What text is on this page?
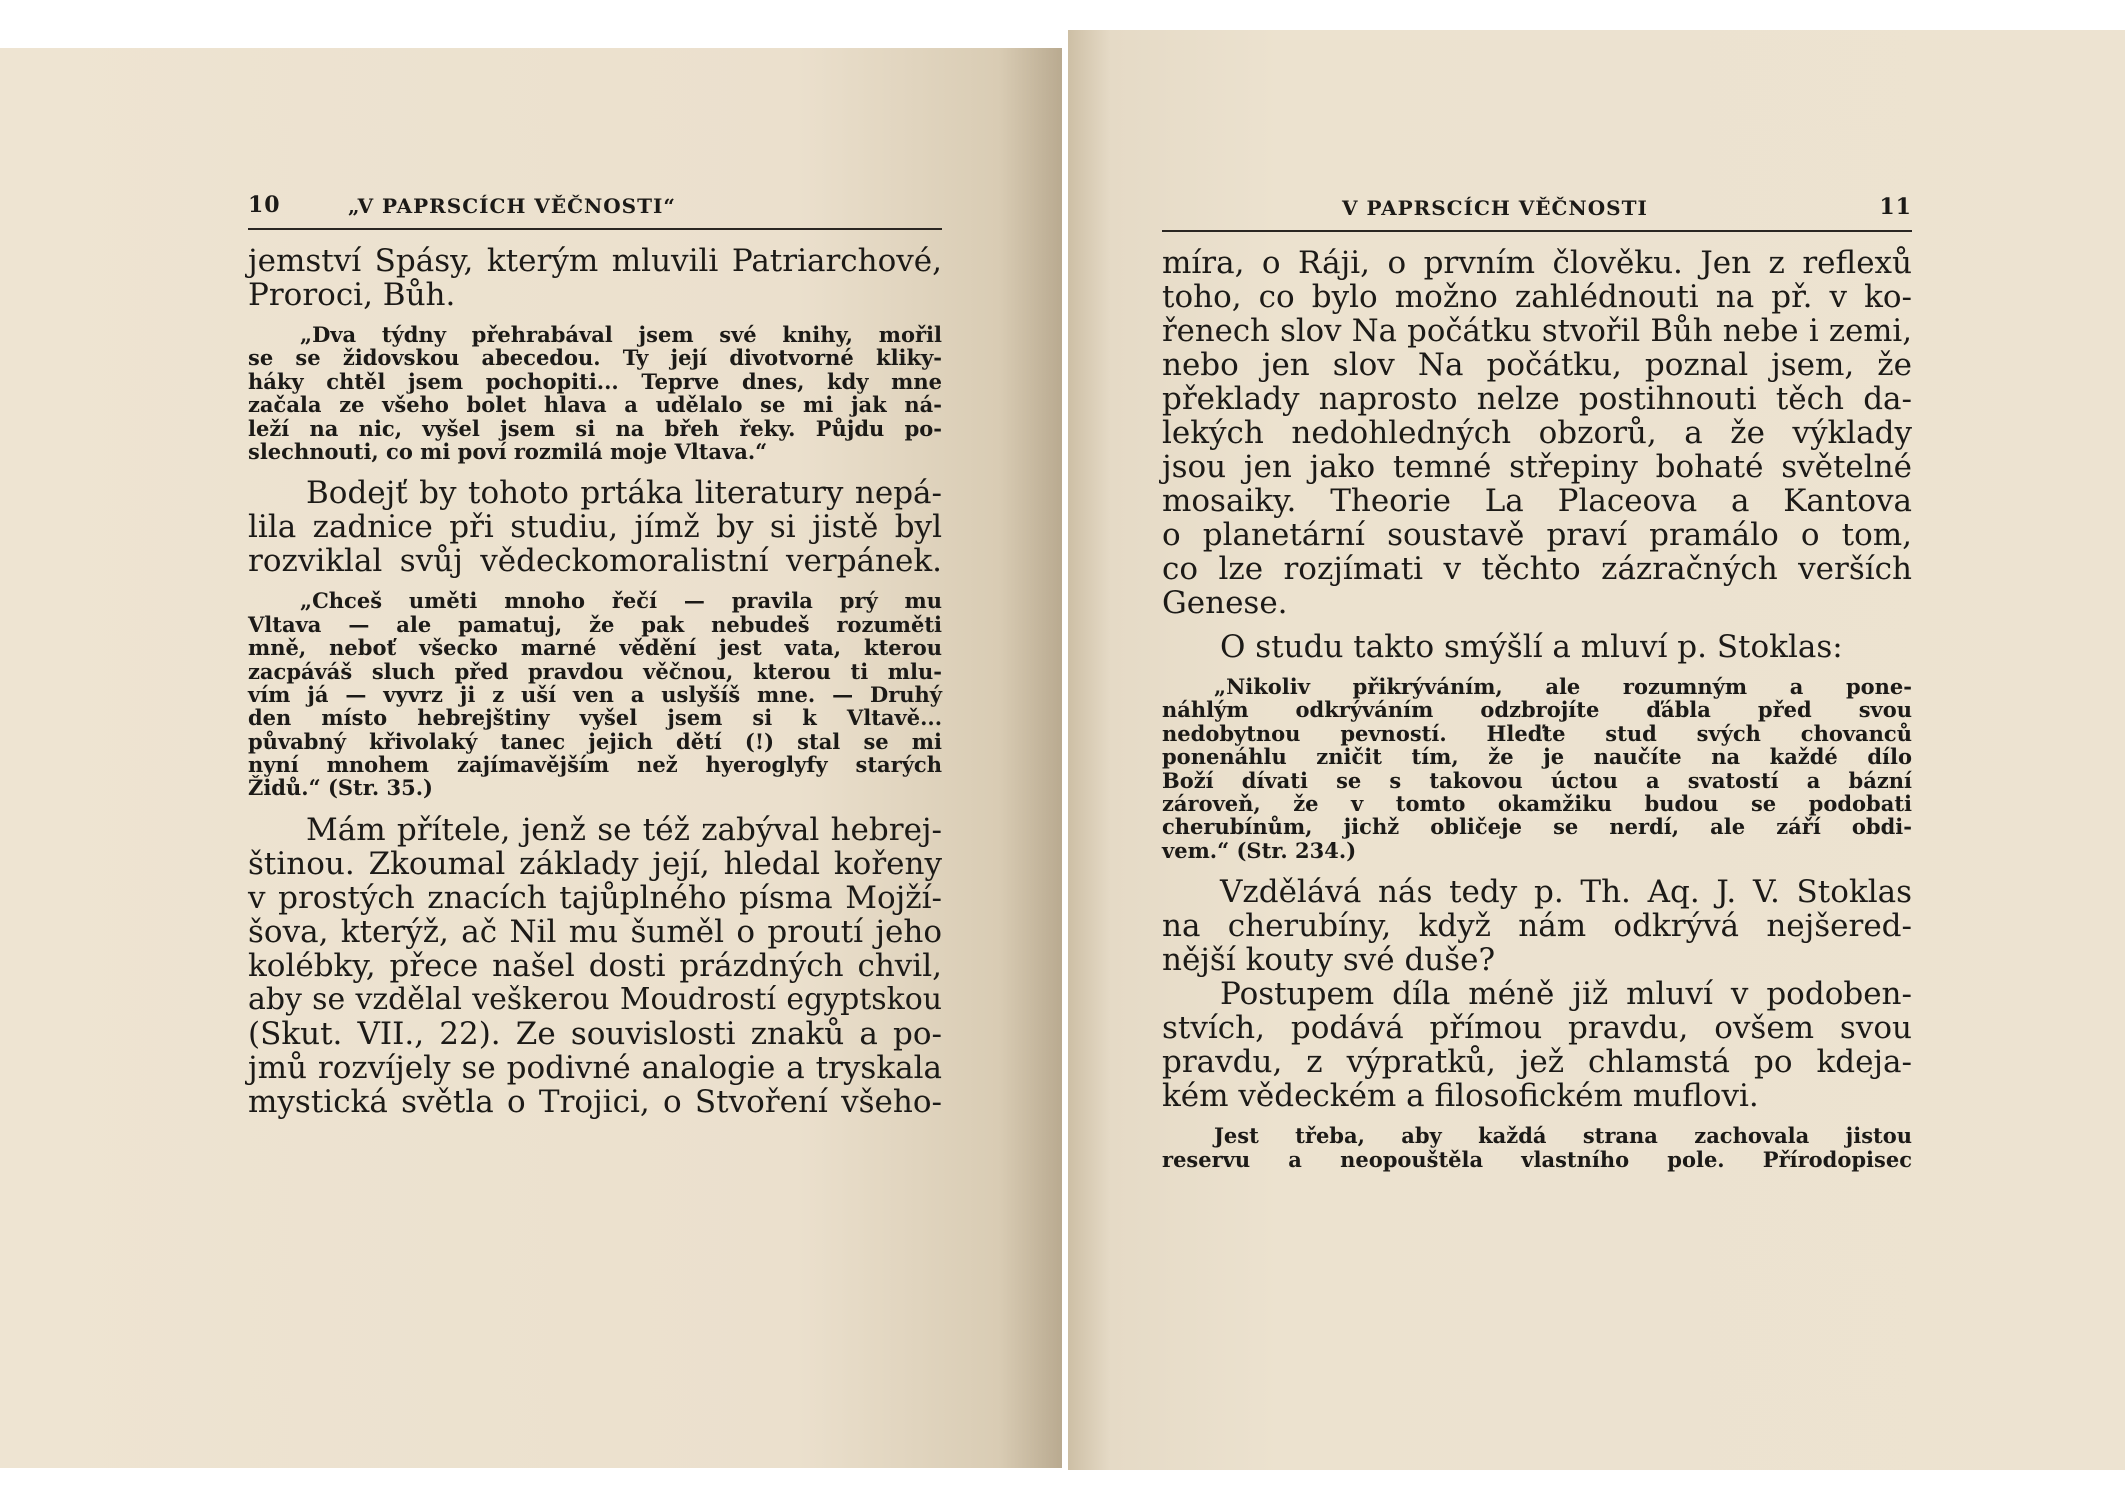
10	„V PAPRSCÍCH VĚČNOSTI“
jemství Spásy, kterým mluvili Patriarchové,
Proroci, Bůh.
„Dva týdny přehrabával jsem své knihy, mořil
se se židovskou abecedou. Ty její divotvorné kliky-
háky chtěl jsem pochopiti... Teprve dnes, kdy mne
začala ze všeho bolet hlava a udělalo se mi jak ná-
leží na nic, vyšel jsem si na břeh řeky. Půjdu po-
slechnouti, co mi poví rozmilá moje Vltava.“
Bodejť by tohoto prtáka literatury nepá-
lila zadnice při studiu, jímž by si jistě byl
rozviklal svůj vědeckomoralistní verpánek.
„Chceš uměti mnoho řečí — pravila prý mu
Vltava — ale pamatuj, že pak nebudeš rozuměti
mně, neboť všecko marné vědění jest vata, kterou
zacpáváš sluch před pravdou věčnou, kterou ti mlu-
vím já — vyvrz ji z uší ven a uslyšíš mne. — Druhý
den místo hebrejštiny vyšel jsem si k Vltavě...
půvabný křivolaký tanec jejich dětí (!) stal se mi
nyní mnohem zajímavějším než hyeroglyfy starých
Židů.“ (Str. 35.)
Mám přítele, jenž se též zabýval hebrej-
štinou. Zkoumal základy její, hledal kořeny
v prostých znacích tajůplného písma Mojží-
šova, kterýž, ač Nil mu šuměl o proutí jeho
kolébky, přece našel dosti prázdných chvil,
aby se vzdělal veškerou Moudrostí egyptskou
(Skut. VII., 22). Ze souvislosti znaků a po-
jmů rozvíjely se podivné analogie a tryskala
mystická světla o Trojici, o Stvoření všeho-
V PAPRSCÍCH VĚČNOSTI	11
míra, o Ráji, o prvním člověku. Jen z reflexů
toho, co bylo možno zahlédnouti na př. v ko-
řenech slov Na počátku stvořil Bůh nebe i zemi,
nebo jen slov Na počátku, poznal jsem, že
překlady naprosto nelze postihnouti těch da-
lekých nedohledných obzorů, a že výklady
jsou jen jako temné střepiny bohaté světelné
mosaiky. Theorie La Placeova a Kantova
o planetární soustavě praví pramálo o tom,
co lze rozjímati v těchto zázračných verších
Genese.
O studu takto smýšlí a mluví p. Stoklas:
„Nikoliv přikrýváním, ale rozumným a pone-
náhlým odkrýváním odzbrojíte ďábla před svou
nedobytnou pevností. Hleďte stud svých chovanců
ponenáhlu zničit tím, že je naučíte na každé dílo
Boží dívati se s takovou úctou a svatostí a bázní
zároveň, že v tomto okamžiku budou se podobati
cherubínům, jichž obličeje se nerdí, ale září obdi-
vem.“ (Str. 234.)
Vzdělává nás tedy p. Th. Aq. J. V. Stoklas
na cherubíny, když nám odkrývá nejšered-
nější kouty své duše?
Postupem díla méně již mluví v podoben-
stvích, podává přímou pravdu, ovšem svou
pravdu, z výpratků, jež chlamstá po kdeja-
kém vědeckém a filosofickém muflovi.
Jest třeba, aby každá strana zachovala jistou
reservu a neopouštěla vlastního pole. Přírodopisec
